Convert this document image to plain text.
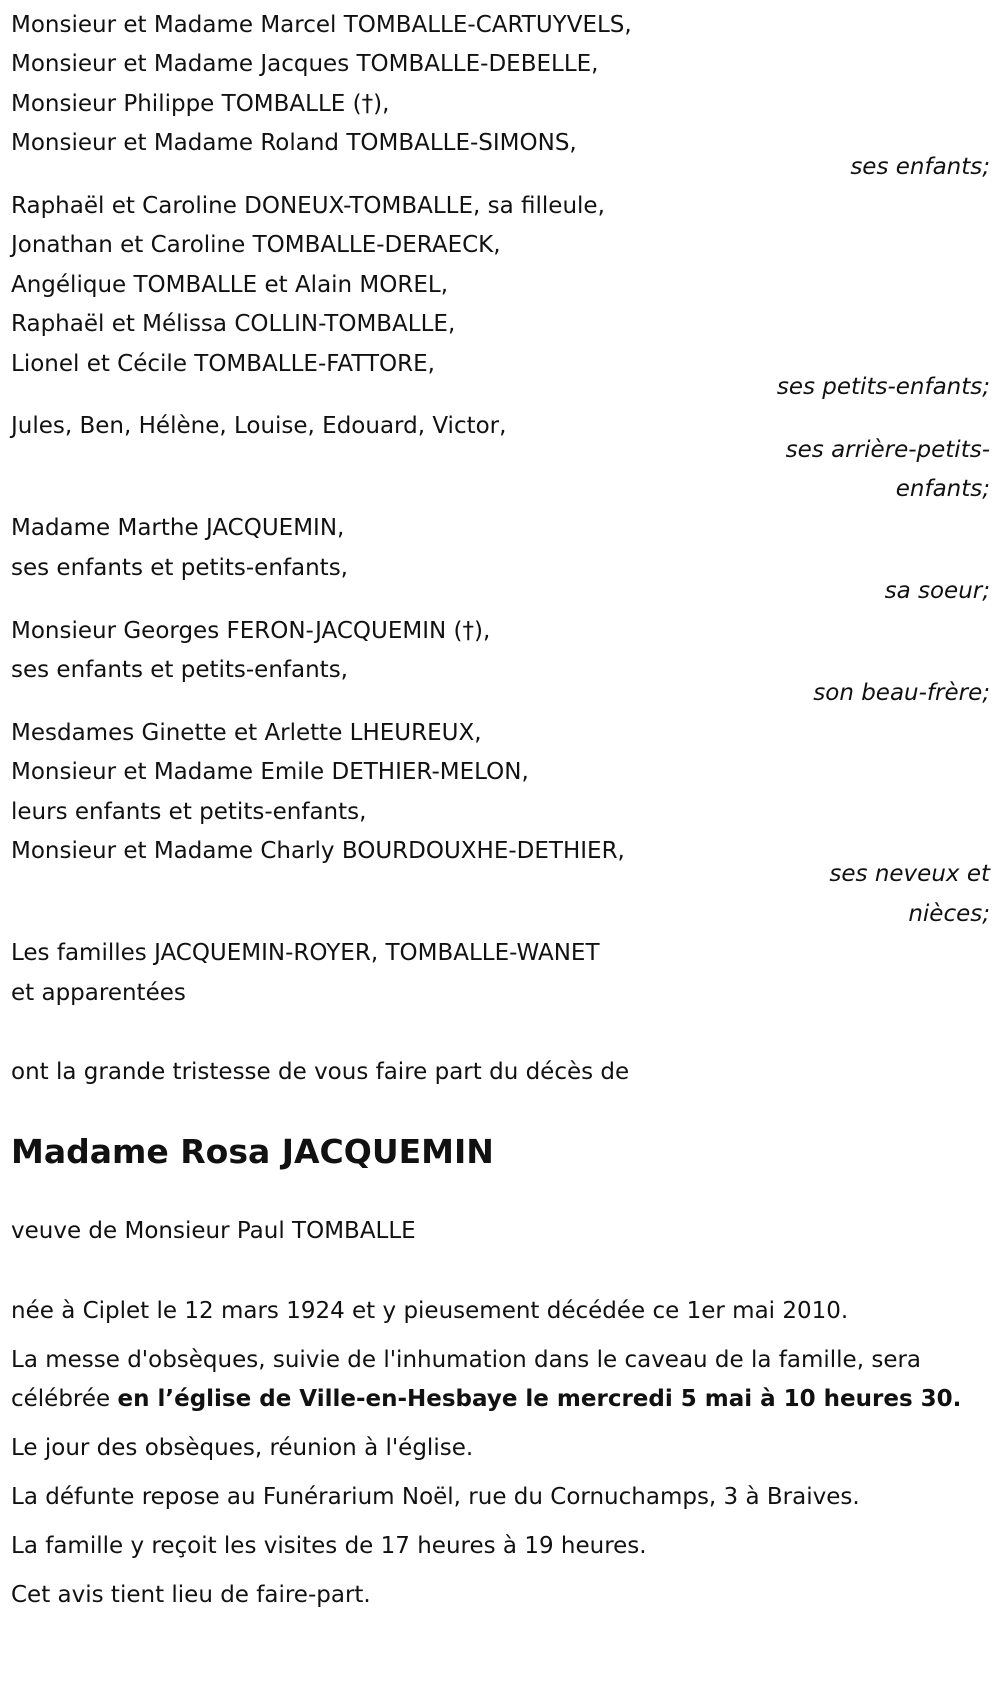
Monsieur et Madame Marcel TOMBALLE-CARTUYVELS,
Monsieur et Madame Jacques TOMBALLE-DEBELLE,
Monsieur Philippe TOMBALLE (†),
Monsieur et Madame Roland TOMBALLE-SIMONS,
ses enfants;
Raphaël et Caroline DONEUX-TOMBALLE, sa filleule,
Jonathan et Caroline TOMBALLE-DERAECK,
Angélique TOMBALLE et Alain MOREL,
Raphaël et Mélissa COLLIN-TOMBALLE,
Lionel et Cécile TOMBALLE-FATTORE,
ses petits-enfants;
Jules, Ben, Hélène, Louise, Edouard, Victor,
ses arrière-petits-
enfants;
Madame Marthe JACQUEMIN,
ses enfants et petits-enfants,
sa soeur;
Monsieur Georges FERON-JACQUEMIN (†),
ses enfants et petits-enfants,
son beau-frère;
Mesdames Ginette et Arlette LHEUREUX,
Monsieur et Madame Emile DETHIER-MELON,
leurs enfants et petits-enfants,
Monsieur et Madame Charly BOURDOUXHE-DETHIER,
ses neveux et
nièces;
Les familles JACQUEMIN-ROYER, TOMBALLE-WANET
et apparentées
ont la grande tristesse de vous faire part du décès de
Madame Rosa JACQUEMIN
veuve de Monsieur Paul TOMBALLE
née à Ciplet le 12 mars 1924 et y pieusement décédée ce 1er mai 2010.
La messe d'obsèques, suivie de l'inhumation dans le caveau de la famille, sera célébrée en l’église de Ville-en-Hesbaye le mercredi 5 mai à 10 heures 30.
Le jour des obsèques, réunion à l'église.
La défunte repose au Funérarium Noël, rue du Cornuchamps, 3 à Braives.
La famille y reçoit les visites de 17 heures à 19 heures.
Cet avis tient lieu de faire-part.
